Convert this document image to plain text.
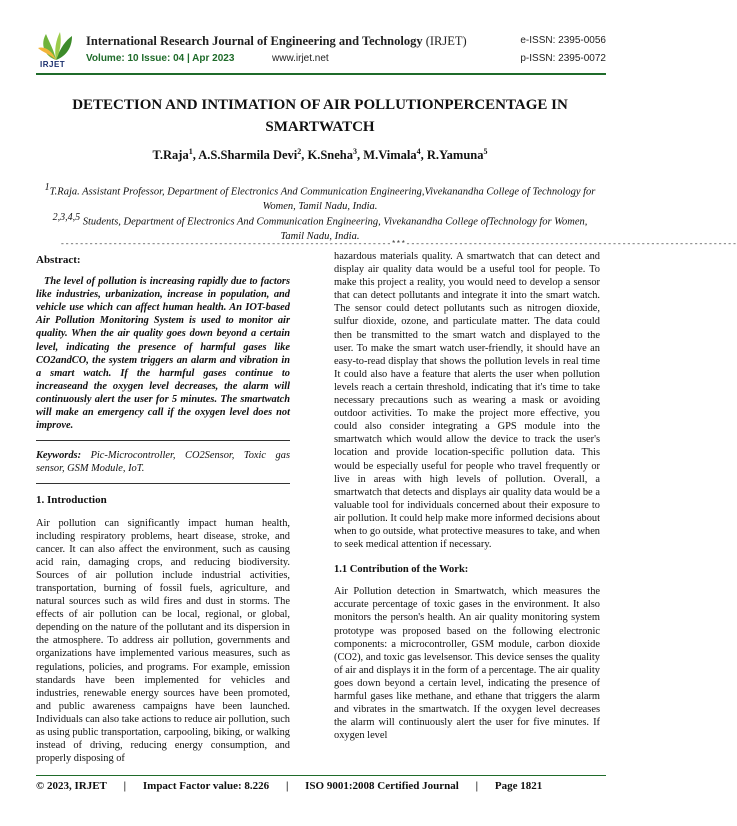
IRJET
International Research Journal of Engineering and Technology (IRJET)	e-ISSN: 2395-0056
Volume: 10 Issue: 04 | Apr 2023	www.irjet.net	p-ISSN: 2395-0072
DETECTION AND INTIMATION OF AIR POLLUTIONPERCENTAGE IN SMARTWATCH
T.Raja$^1$, A.S.Sharmila Devi$^2$, K.Sneha$^3$, M.Vimala$^4$, R.Yamuna$^5$
$^1$T.Raja. Assistant Professor, Department of Electronics And Communication Engineering,Vivekanandha College of Technology for Women, Tamil Nadu, India.
$^{2,3,4,5}$ Students, Department of Electronics And Communication Engineering, Vivekanandha College ofTechnology for Women, Tamil Nadu, India.
---------------------------------------------------------------------***---------------------------------------------------------------------
Abstract:

The level of pollution is increasing rapidly due to factors like industries, urbanization, increase in population, and vehicle use which can affect human health. An IOT-based Air Pollution Monitoring System is used to monitor air quality. When the air quality goes down beyond a certain level, indicating the presence of harmful gases like CO2andCO, the system triggers an alarm and vibration in a smart watch. If the harmful gases continue to increaseand the oxygen level decreases, the alarm will continuously alert the user for 5 minutes. The smartwatch will make an emergency call if the oxygen level does not improve.

Keywords: Pic-Microcontroller, CO2Sensor, Toxic gas sensor, GSM Module, IoT.

1. Introduction

Air pollution can significantly impact human health, including respiratory problems, heart disease, stroke, and cancer. It can also affect the environment, such as causing acid rain, damaging crops, and reducing biodiversity. Sources of air pollution include industrial activities, transportation, burning of fossil fuels, agriculture, and natural sources such as wild fires and dust in storms. The effects of air pollution can be local, regional, or global, depending on the nature of the pollutant and its dispersion in the atmosphere. To address air pollution, governments and organizations have implemented various measures, such as regulations, policies, and programs. For example, emission standards have been implemented for vehicles and industries, renewable energy sources have been promoted, and public awareness campaigns have been launched. Individuals can also take actions to reduce air pollution, such as using public transportation, carpooling, biking, or walking instead of driving, reducing energy consumption, and properly disposing of

hazardous materials quality. A smartwatch that can detect and display air quality data would be a useful tool for people. To make this project a reality, you would need to develop a sensor that can detect pollutants and integrate it into the smart watch. The sensor could detect pollutants such as nitrogen dioxide, sulfur dioxide, ozone, and particulate matter. The data could then be transmitted to the smart watch and displayed to the user. To make the smart watch user-friendly, it should have an easy-to-read display that shows the pollution levels in real time It could also have a feature that alerts the user when pollution levels reach a certain threshold, indicating that it's time to take necessary precautions such as wearing a mask or avoiding outdoor activities. To make the project more effective, you could also consider integrating a GPS module into the smartwatch which would allow the device to track the user's location and provide location-specific pollution data. This would be especially useful for people who travel frequently or live in areas with high levels of pollution. Overall, a smartwatch that detects and displays air quality data would be a valuable tool for individuals concerned about their exposure to air pollution. It could help make more informed decisions about when to go outside, what protective measures to take, and when to seek medical attention if necessary.

1.1 Contribution of the Work:

Air Pollution detection in Smartwatch, which measures the accurate percentage of toxic gases in the environment. It also monitors the person's health. An air quality monitoring system prototype was proposed based on the following electronic components: a microcontroller, GSM module, carbon dioxide (CO2), and toxic gas levelsensor. This device senses the quality of air and displays it in the form of a percentage. The air quality goes down beyond a certain level, indicating the presence of harmful gases like methane, and ethane that triggers the alarm and vibrates in the smartwatch. If the oxygen level decreases the alarm will continuously alert the user for five minutes. If oxygen level

© 2023, IRJET	|	Impact Factor value: 8.226	|	ISO 9001:2008 Certified Journal	|	Page 1821
